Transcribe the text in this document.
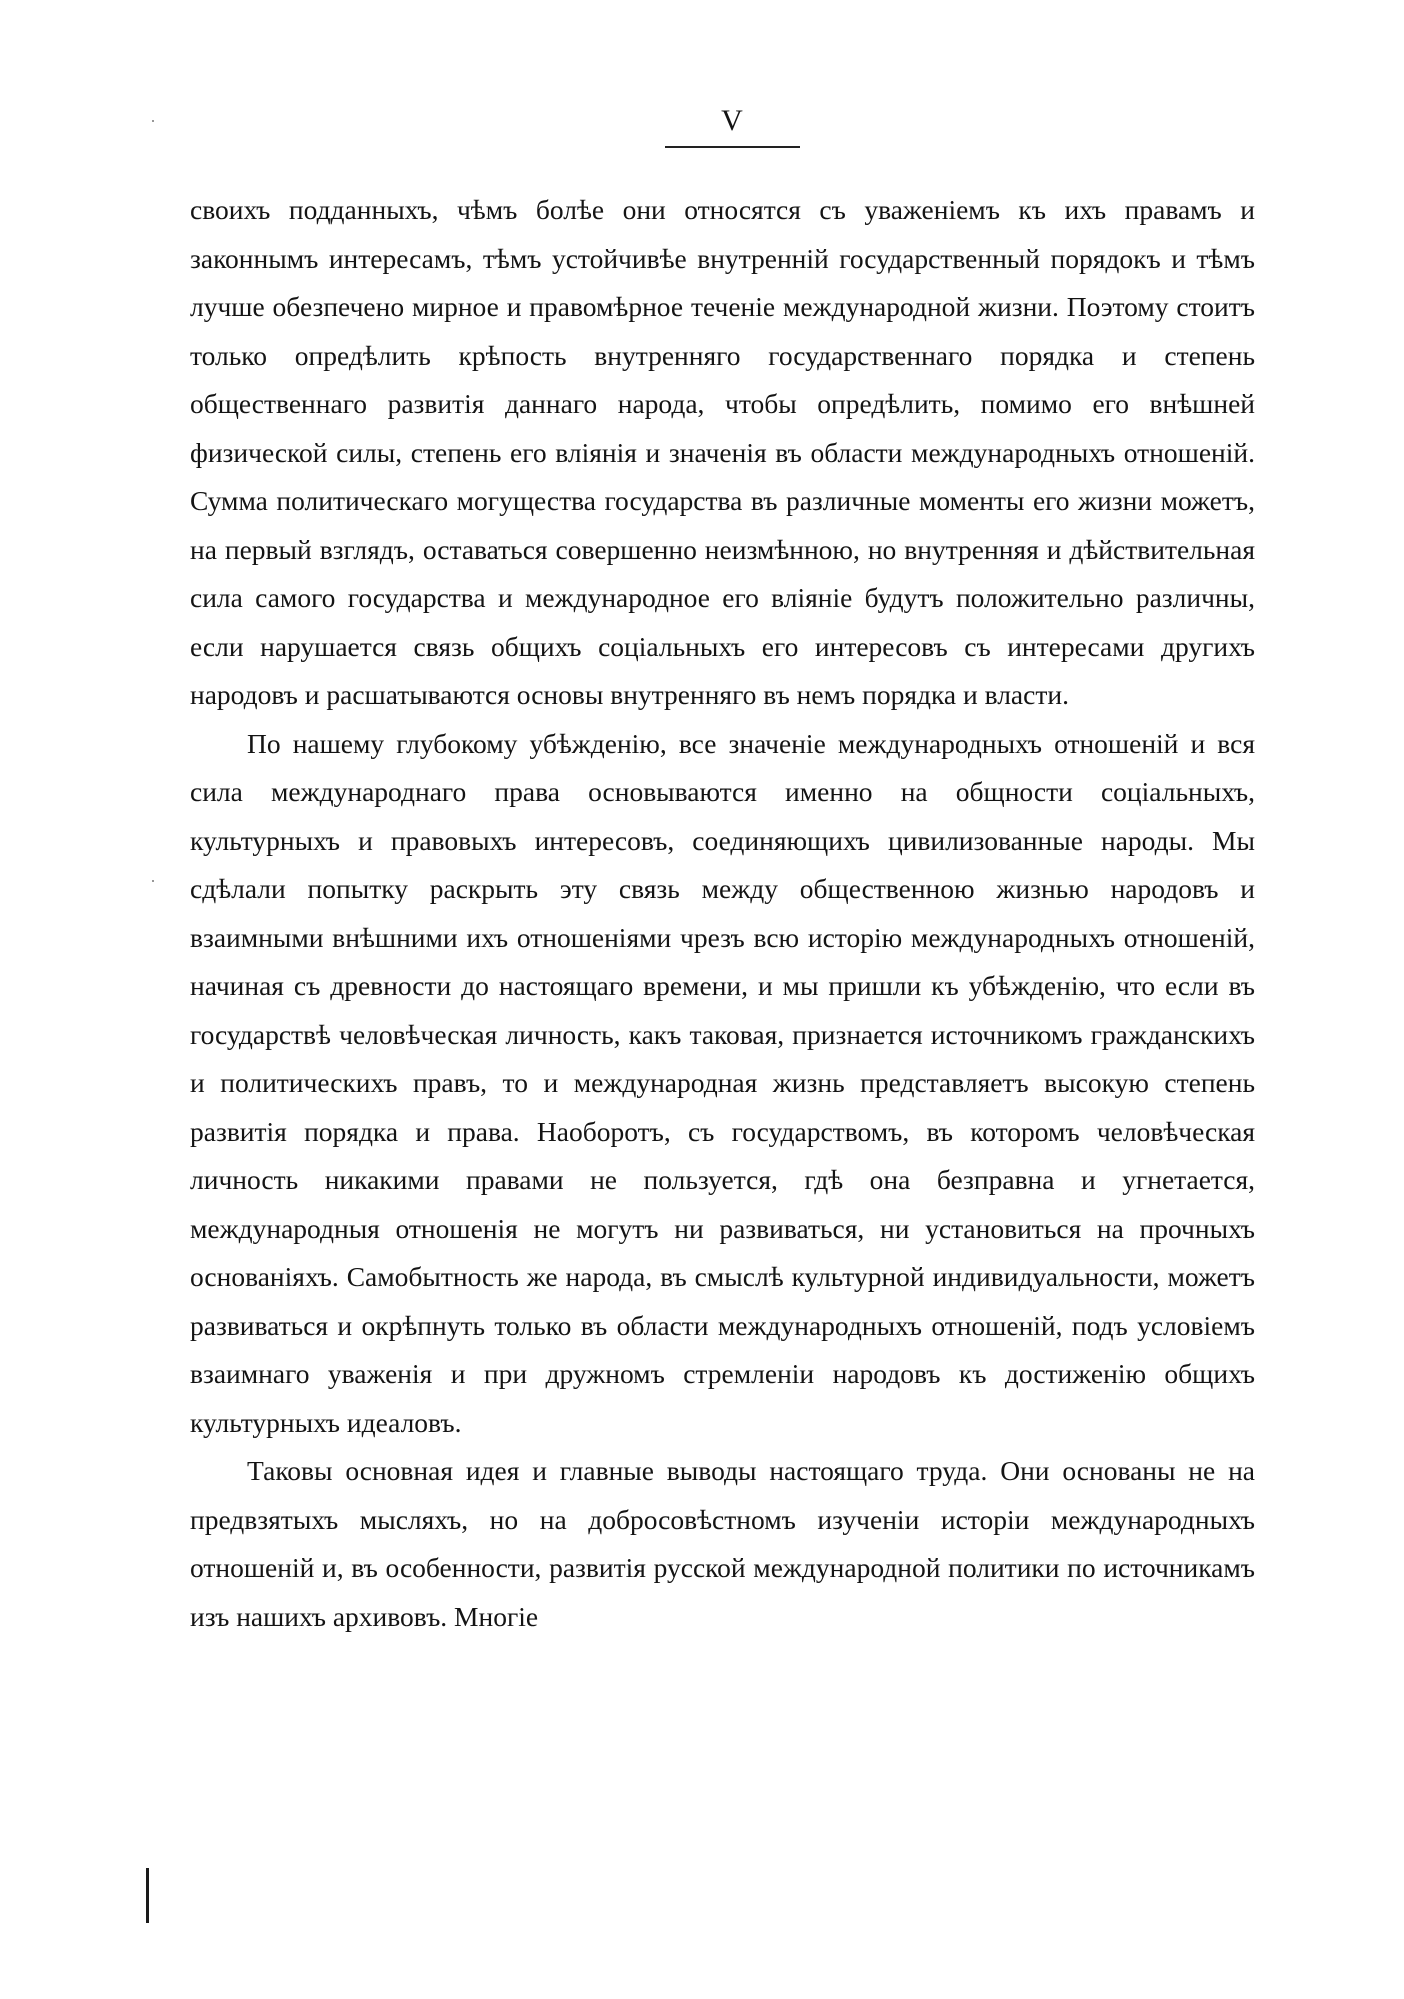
V

своихъ подданныхъ, чѣмъ болѣе они относятся съ уваженіемъ къ ихъ правамъ и законнымъ интересамъ, тѣмъ устойчивѣе внутренній государственный порядокъ и тѣмъ лучше обезпечено мирное и правомѣрное теченіе международной жизни. Поэтому стоитъ только опредѣлить крѣпость внутренняго государственнаго порядка и степень общественнаго развитія даннаго народа, чтобы опредѣлить, помимо его внѣшней физической силы, степень его вліянія и значенія въ области международныхъ отношеній. Сумма политическаго могущества государства въ различные моменты его жизни можетъ, на первый взглядъ, оставаться совершенно неизмѣнною, но внутренняя и дѣйствительная сила самого государства и международное его вліяніе будутъ положительно различны, если нарушается связь общихъ соціальныхъ его интересовъ съ интересами другихъ народовъ и расшатываются основы внутренняго въ немъ порядка и власти.

По нашему глубокому убѣжденію, все значеніе международныхъ отношеній и вся сила международнаго права основываются именно на общности соціальныхъ, культурныхъ и правовыхъ интересовъ, соединяющихъ цивилизованные народы. Мы сдѣлали попытку раскрыть эту связь между общественною жизнью народовъ и взаимными внѣшними ихъ отношеніями чрезъ всю исторію международныхъ отношеній, начиная съ древности до настоящаго времени, и мы пришли къ убѣжденію, что если въ государствѣ человѣческая личность, какъ таковая, признается источникомъ гражданскихъ и политическихъ правъ, то и международная жизнь представляетъ высокую степень развитія порядка и права. Наоборотъ, съ государствомъ, въ которомъ человѣческая личность никакими правами не пользуется, гдѣ она безправна и угнетается, международныя отношенія не могутъ ни развиваться, ни установиться на прочныхъ основаніяхъ. Самобытность же народа, въ смыслѣ культурной индивидуальности, можетъ развиваться и окрѣпнуть только въ области международныхъ отношеній, подъ условіемъ взаимнаго уваженія и при дружномъ стремленіи народовъ къ достиженію общихъ культурныхъ идеаловъ.

Таковы основная идея и главные выводы настоящаго труда. Они основаны не на предвзятыхъ мысляхъ, но на добросовѣстномъ изученіи исторіи международныхъ отношеній и, въ особенности, развитія русской международной политики по источникамъ изъ нашихъ архивовъ. Многіе
